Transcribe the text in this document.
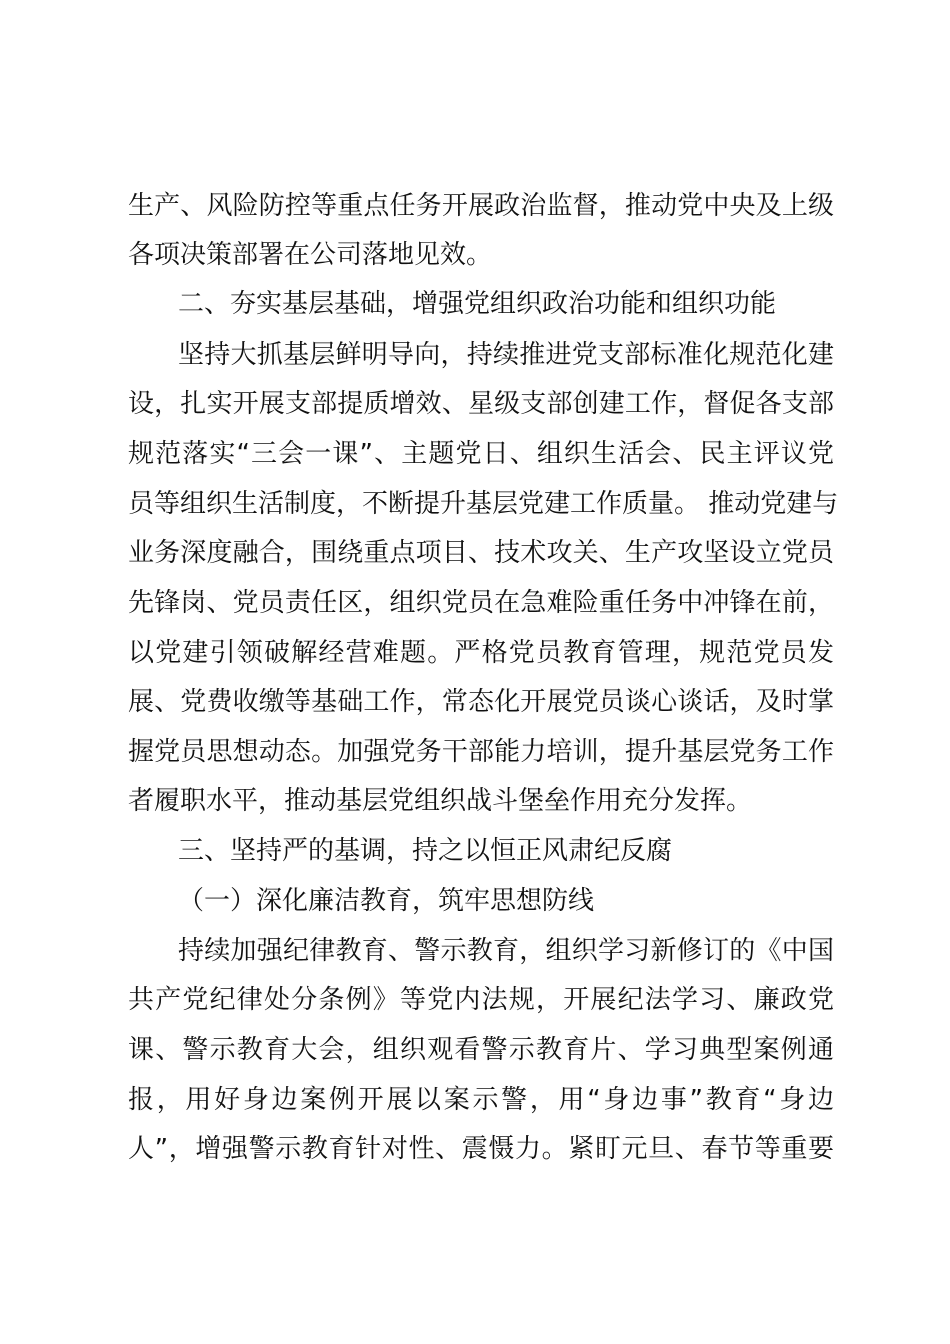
生产、风险防控等重点任务开展政治监督，推动党中央及上级
各项决策部署在公司落地见效。
二、夯实基层基础，增强党组织政治功能和组织功能
坚持大抓基层鲜明导向，持续推进党支部标准化规范化建
设，扎实开展支部提质增效、星级支部创建工作，督促各支部
规范落实“三会一课”、主题党日、组织生活会、民主评议党
员等组织生活制度，不断提升基层党建工作质量。 推动党建与
业务深度融合，围绕重点项目、技术攻关、生产攻坚设立党员
先锋岗、党员责任区，组织党员在急难险重任务中冲锋在前，
以党建引领破解经营难题。严格党员教育管理，规范党员发
展、党费收缴等基础工作，常态化开展党员谈心谈话，及时掌
握党员思想动态。加强党务干部能力培训，提升基层党务工作
者履职水平，推动基层党组织战斗堡垒作用充分发挥。
三、坚持严的基调，持之以恒正风肃纪反腐
（一）深化廉洁教育，筑牢思想防线
持续加强纪律教育、警示教育，组织学习新修订的《中国
共产党纪律处分条例》等党内法规，开展纪法学习、廉政党
课、警示教育大会，组织观看警示教育片、学习典型案例通
报，用好身边案例开展以案示警，用“身边事”教育“身边
人”，增强警示教育针对性、震慑力。紧盯元旦、春节等重要
